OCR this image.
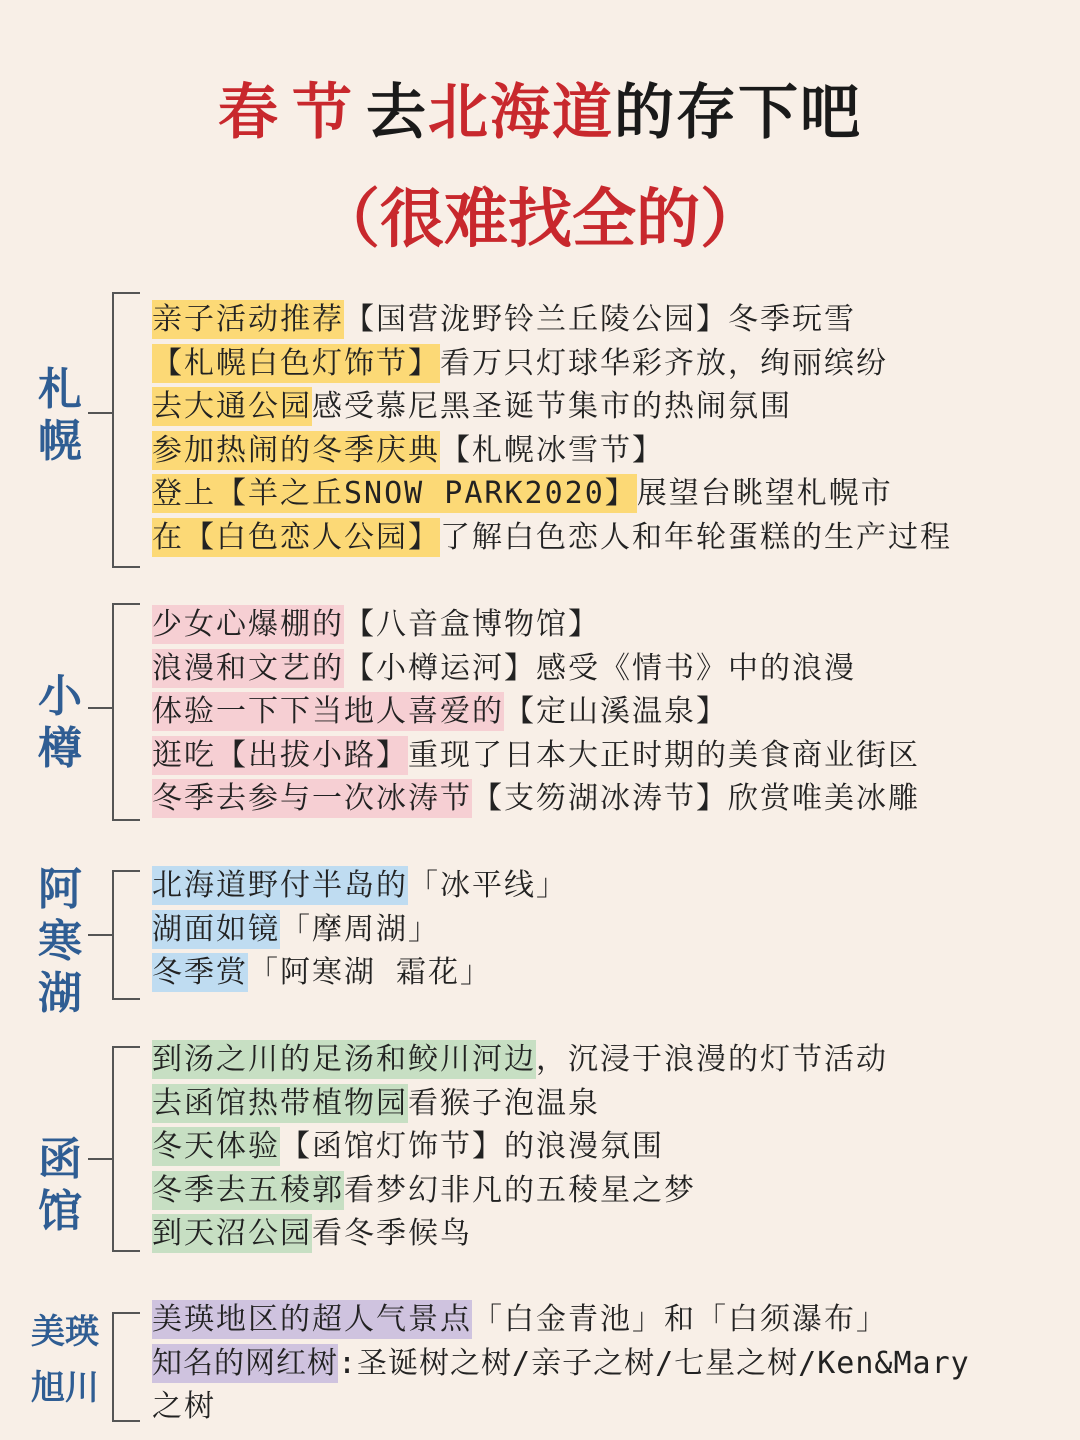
春节去北海道的存下吧
（很难找全的）
札幌
亲子活动推荐【国营泷野铃兰丘陵公园】冬季玩雪
【札幌白色灯饰节】看万只灯球华彩齐放，绚丽缤纷
去大通公园感受慕尼黑圣诞节集市的热闹氛围
参加热闹的冬季庆典【札幌冰雪节】
登上【羊之丘SNOW PARK2020】展望台眺望札幌市
在【白色恋人公园】了解白色恋人和年轮蛋糕的生产过程
小樽
少女心爆棚的【八音盒博物馆】
浪漫和文艺的【小樽运河】感受《情书》中的浪漫
体验一下下当地人喜爱的【定山溪温泉】
逛吃【出拔小路】重现了日本大正时期的美食商业街区
冬季去参与一次冰涛节【支笏湖冰涛节】欣赏唯美冰雕
阿寒湖
北海道野付半岛的「冰平线」
湖面如镜「摩周湖」
冬季赏「阿寒湖 霜花」
函馆
到汤之川的足汤和鲛川河边，沉浸于浪漫的灯节活动
去函馆热带植物园看猴子泡温泉
冬天体验【函馆灯饰节】的浪漫氛围
冬季去五稜郭看梦幻非凡的五稜星之梦
到天沼公园看冬季候鸟
美瑛
旭川
美瑛地区的超人气景点「白金青池」和「白须瀑布」
知名的网红树:圣诞树之树/亲子之树/七星之树/Ken&Mary
之树
